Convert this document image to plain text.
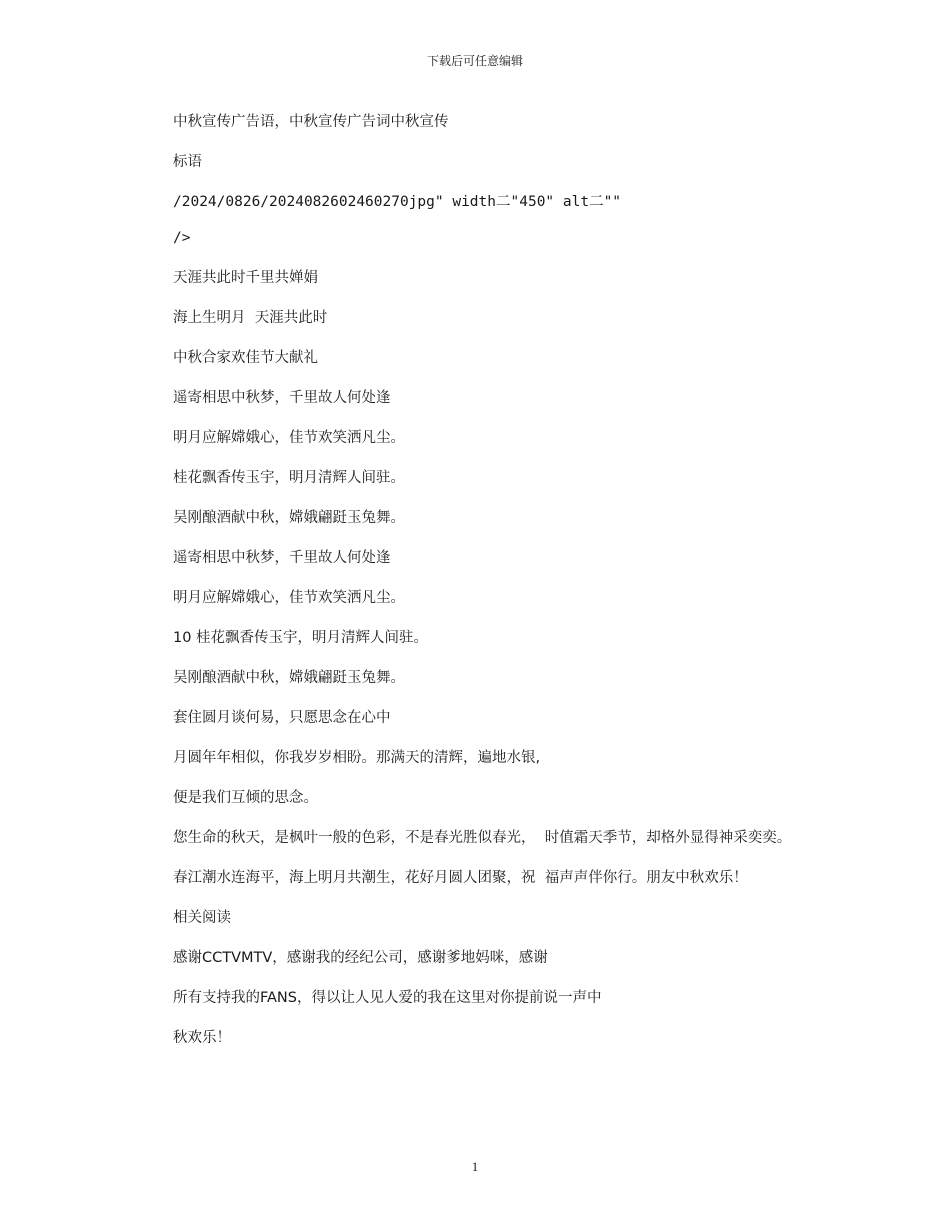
下载后可任意编辑

中秋宣传广告语，中秋宣传广告词中秋宣传

标语

/2024/0826/2024082602460270jpg" width二"450" alt二""

/>

天涯共此时千里共婵娟

海上生明月  天涯共此时

中秋合家欢佳节大献礼

遥寄相思中秋梦，千里故人何处逢

明月应解嫦娥心，佳节欢笑洒凡尘。

桂花飘香传玉宇，明月清辉人间驻。

吴刚酿酒献中秋，嫦娥翩跹玉兔舞。

遥寄相思中秋梦，千里故人何处逢

明月应解嫦娥心，佳节欢笑洒凡尘。

10 桂花飘香传玉宇，明月清辉人间驻。

吴刚酿酒献中秋，嫦娥翩跹玉兔舞。

套住圆月谈何易，只愿思念在心中

月圆年年相似，你我岁岁相盼。那满天的清辉，遍地水银,

便是我们互倾的思念。

您生命的秋天，是枫叶一般的色彩，不是春光胜似春光，  时值霜天季节，却格外显得神采奕奕。

春江潮水连海平，海上明月共潮生，花好月圆人团聚，祝  福声声伴你行。朋友中秋欢乐！

相关阅读

感谢CCTVMTV，感谢我的经纪公司，感谢爹地妈咪，感谢

所有支持我的FANS，得以让人见人爱的我在这里对你提前说一声中

秋欢乐！

1
